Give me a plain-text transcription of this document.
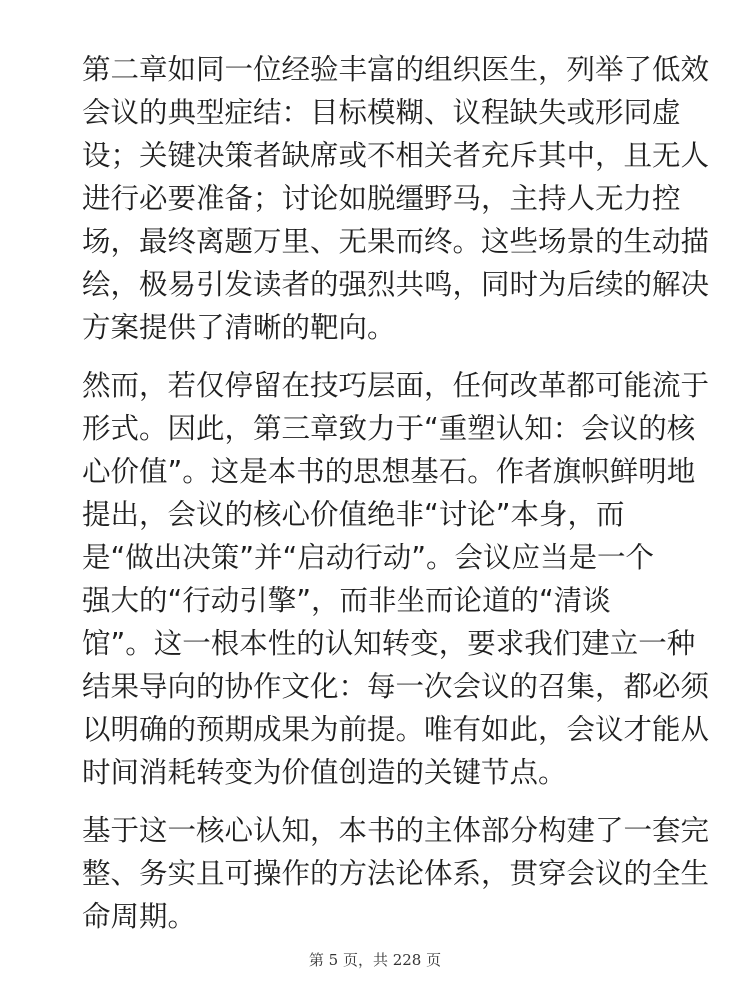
第二章如同一位经验丰富的组织医生，列举了低效
会议的典型症结：目标模糊、议程缺失或形同虚
设；关键决策者缺席或不相关者充斥其中，且无人
进行必要准备；讨论如脱缰野马，主持人无力控
场，最终离题万里、无果而终。这些场景的生动描
绘，极易引发读者的强烈共鸣，同时为后续的解决
方案提供了清晰的靶向。

然而，若仅停留在技巧层面，任何改革都可能流于
形式。因此，第三章致力于“重塑认知：会议的核
心价值”。这是本书的思想基石。作者旗帜鲜明地
提出，会议的核心价值绝非“讨论”本身，而
是“做出决策”并“启动行动”。会议应当是一个
强大的“行动引擎”，而非坐而论道的“清谈
馆”。这一根本性的认知转变，要求我们建立一种
结果导向的协作文化：每一次会议的召集，都必须
以明确的预期成果为前提。唯有如此，会议才能从
时间消耗转变为价值创造的关键节点。

基于这一核心认知，本书的主体部分构建了一套完
整、务实且可操作的方法论体系，贯穿会议的全生
命周期。

第 5 页，共 228 页
